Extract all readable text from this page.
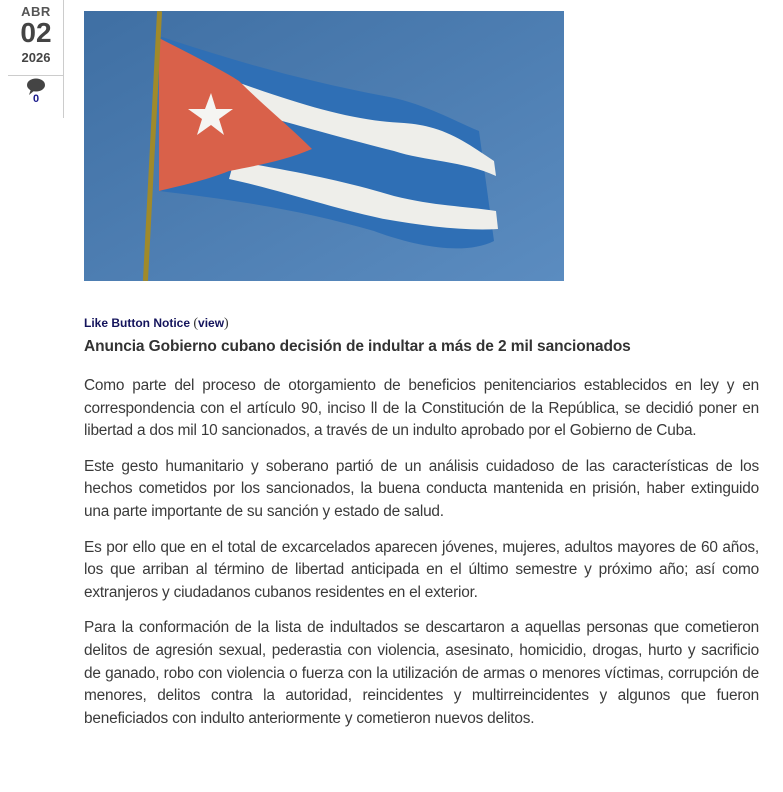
ABR
02
2026
0
Like Button Notice (view)
Anuncia Gobierno cubano decisión de indultar a más de 2 mil sancionados

Como parte del proceso de otorgamiento de beneficios penitenciarios establecidos en ley y en correspondencia con el artículo 90, inciso ll de la Constitución de la República, se decidió poner en libertad a dos mil 10 sancionados, a través de un indulto aprobado por el Gobierno de Cuba.

Este gesto humanitario y soberano partió de un análisis cuidadoso de las características de los hechos cometidos por los sancionados, la buena conducta mantenida en prisión, haber extinguido una parte importante de su sanción y estado de salud.

Es por ello que en el total de excarcelados aparecen jóvenes, mujeres, adultos mayores de 60 años, los que arriban al término de libertad anticipada en el último semestre y próximo año; así como extranjeros y ciudadanos cubanos residentes en el exterior.

Para la conformación de la lista de indultados se descartaron a aquellas personas que cometieron delitos de agresión sexual, pederastia con violencia, asesinato, homicidio, drogas, hurto y sacrificio de ganado, robo con violencia o fuerza con la utilización de armas o menores víctimas, corrupción de menores, delitos contra la autoridad, reincidentes y multirreincidentes y algunos que fueron beneficiados con indulto anteriormente y cometieron nuevos delitos.
